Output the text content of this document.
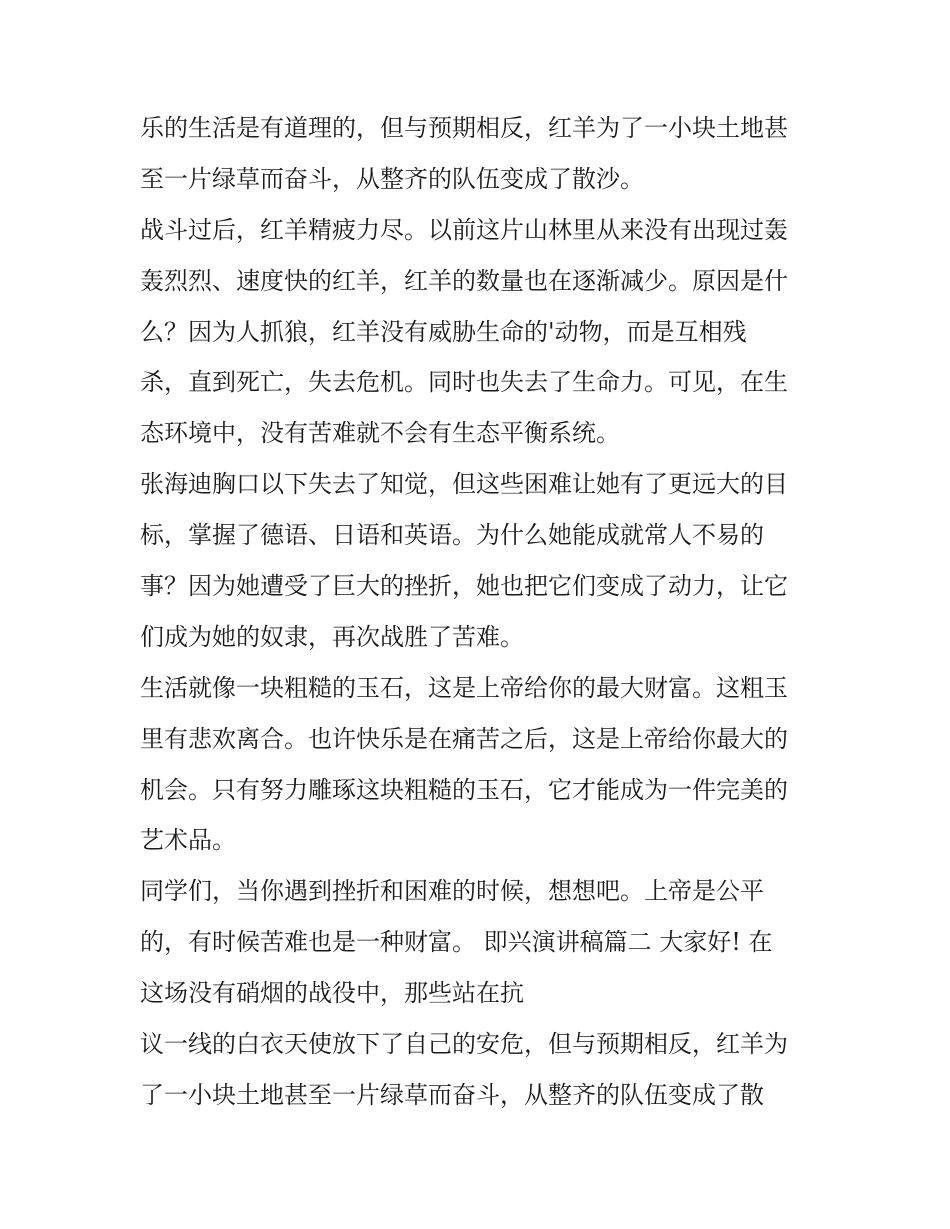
乐的生活是有道理的，但与预期相反，红羊为了一小块土地甚
至一片绿草而奋斗，从整齐的队伍变成了散沙。
战斗过后，红羊精疲力尽。以前这片山林里从来没有出现过轰
轰烈烈、速度快的红羊，红羊的数量也在逐渐减少。原因是什
么？因为人抓狼，红羊没有威胁生命的'动物，而是互相残
杀，直到死亡，失去危机。同时也失去了生命力。可见，在生
态环境中，没有苦难就不会有生态平衡系统。
张海迪胸口以下失去了知觉，但这些困难让她有了更远大的目
标，掌握了德语、日语和英语。为什么她能成就常人不易的
事？因为她遭受了巨大的挫折，她也把它们变成了动力，让它
们成为她的奴隶，再次战胜了苦难。
生活就像一块粗糙的玉石，这是上帝给你的最大财富。这粗玉
里有悲欢离合。也许快乐是在痛苦之后，这是上帝给你最大的
机会。只有努力雕琢这块粗糙的玉石，它才能成为一件完美的
艺术品。
同学们，当你遇到挫折和困难的时候，想想吧。上帝是公平
的，有时候苦难也是一种财富。 即兴演讲稿篇二 大家好! 在
这场没有硝烟的战役中，那些站在抗
议一线的白衣天使放下了自己的安危，但与预期相反，红羊为
了一小块土地甚至一片绿草而奋斗，从整齐的队伍变成了散
